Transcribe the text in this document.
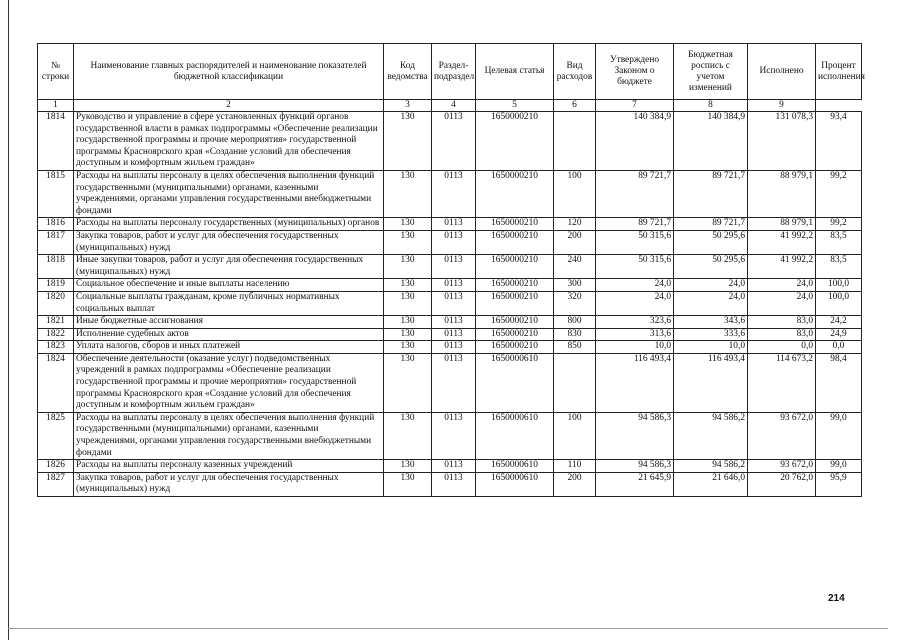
№ строки	Наименование главных распорядителей и наименование показателей бюджетной классификации	Код ведомства	Раздел-подраздел	Целевая статья	Вид расходов	Утверждено Законом о бюджете	Бюджетная роспись с учетом изменений	Исполнено	Процент исполнения
1	2	3	4	5	6	7	8	9	
1814	Руководство и управление в сфере установленных функций органов государственной власти в рамках подпрограммы «Обеспечение реализации государственной программы и прочие мероприятия» государственной программы Красноярского края «Создание условий для обеспечения доступным и комфортным жильем граждан»	130	0113	1650000210		140 384,9	140 384,9	131 078,3	93,4
1815	Расходы на выплаты персоналу в целях обеспечения выполнения функций государственными (муниципальными) органами, казенными учреждениями, органами управления государственными внебюджетными фондами	130	0113	1650000210	100	89 721,7	89 721,7	88 979,1	99,2
1816	Расходы на выплаты персоналу государственных (муниципальных) органов	130	0113	1650000210	120	89 721,7	89 721,7	88 979,1	99,2
1817	Закупка товаров, работ и услуг для обеспечения государственных (муниципальных) нужд	130	0113	1650000210	200	50 315,6	50 295,6	41 992,2	83,5
1818	Иные закупки товаров, работ и услуг для обеспечения государственных (муниципальных) нужд	130	0113	1650000210	240	50 315,6	50 295,6	41 992,2	83,5
1819	Социальное обеспечение и иные выплаты населению	130	0113	1650000210	300	24,0	24,0	24,0	100,0
1820	Социальные выплаты гражданам, кроме публичных нормативных социальных выплат	130	0113	1650000210	320	24,0	24,0	24,0	100,0
1821	Иные бюджетные ассигнования	130	0113	1650000210	800	323,6	343,6	83,0	24,2
1822	Исполнение судебных актов	130	0113	1650000210	830	313,6	333,6	83,0	24,9
1823	Уплата налогов, сборов и иных платежей	130	0113	1650000210	850	10,0	10,0	0,0	0,0
1824	Обеспечение деятельности (оказание услуг) подведомственных учреждений в рамках подпрограммы «Обеспечение реализации государственной программы и прочие мероприятия» государственной программы Красноярского края «Создание условий для обеспечения доступным и комфортным жильем граждан»	130	0113	1650000610		116 493,4	116 493,4	114 673,2	98,4
1825	Расходы на выплаты персоналу в целях обеспечения выполнения функций государственными (муниципальными) органами, казенными учреждениями, органами управления государственными внебюджетными фондами	130	0113	1650000610	100	94 586,3	94 586,2	93 672,0	99,0
1826	Расходы на выплаты персоналу казенных учреждений	130	0113	1650000610	110	94 586,3	94 586,2	93 672,0	99,0
1827	Закупка товаров, работ и услуг для обеспечения государственных (муниципальных) нужд	130	0113	1650000610	200	21 645,9	21 646,0	20 762,0	95,9
214
